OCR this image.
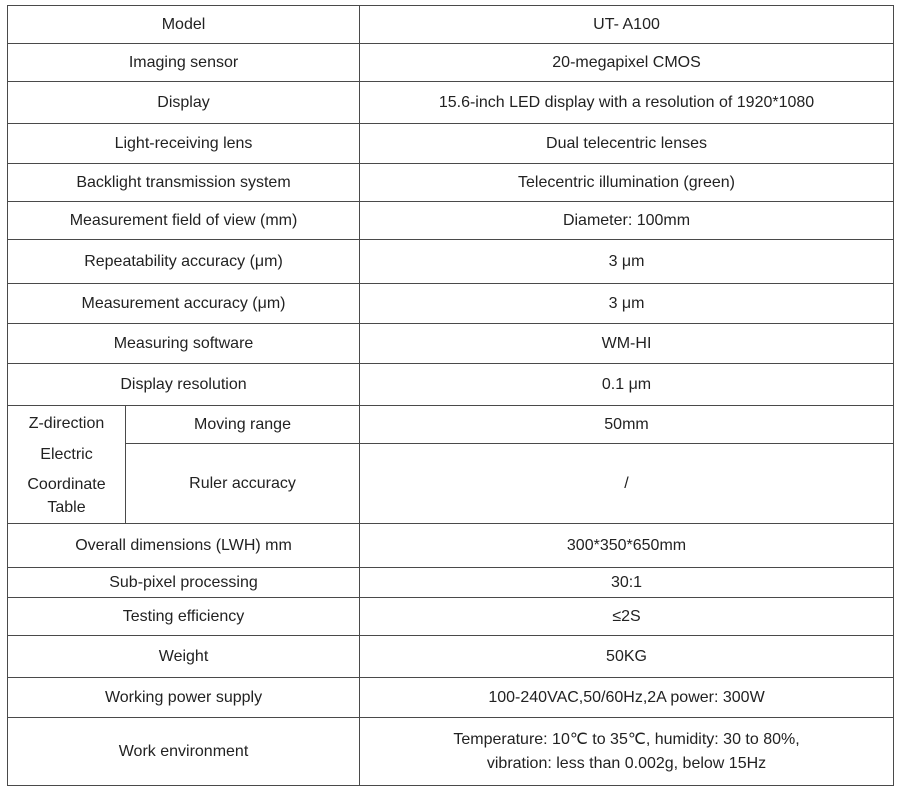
Model		UT- A100
Imaging sensor		20-megapixel CMOS
Display		15.6-inch LED display with a resolution of 1920*1080
Light-receiving lens		Dual telecentric lenses
Backlight transmission system		Telecentric illumination (green)
Measurement field of view (mm)		Diameter: 100mm
Repeatability accuracy (μm)		3 μm
Measurement accuracy (μm)		3 μm
Measuring software		WM-HI
Display resolution		0.1 μm

Z-direction
Electric
Coordinate
Table	Moving range	50mm
	Ruler accuracy	/
Overall dimensions (LWH) mm		300*350*650mm
Sub-pixel processing		30:1
Testing efficiency		≤2S
Weight		50KG
Working power supply		100-240VAC,50/60Hz,2A power: 300W
Work environment		Temperature: 10℃ to 35℃, humidity: 30 to 80%,
vibration: less than 0.002g, below 15Hz
